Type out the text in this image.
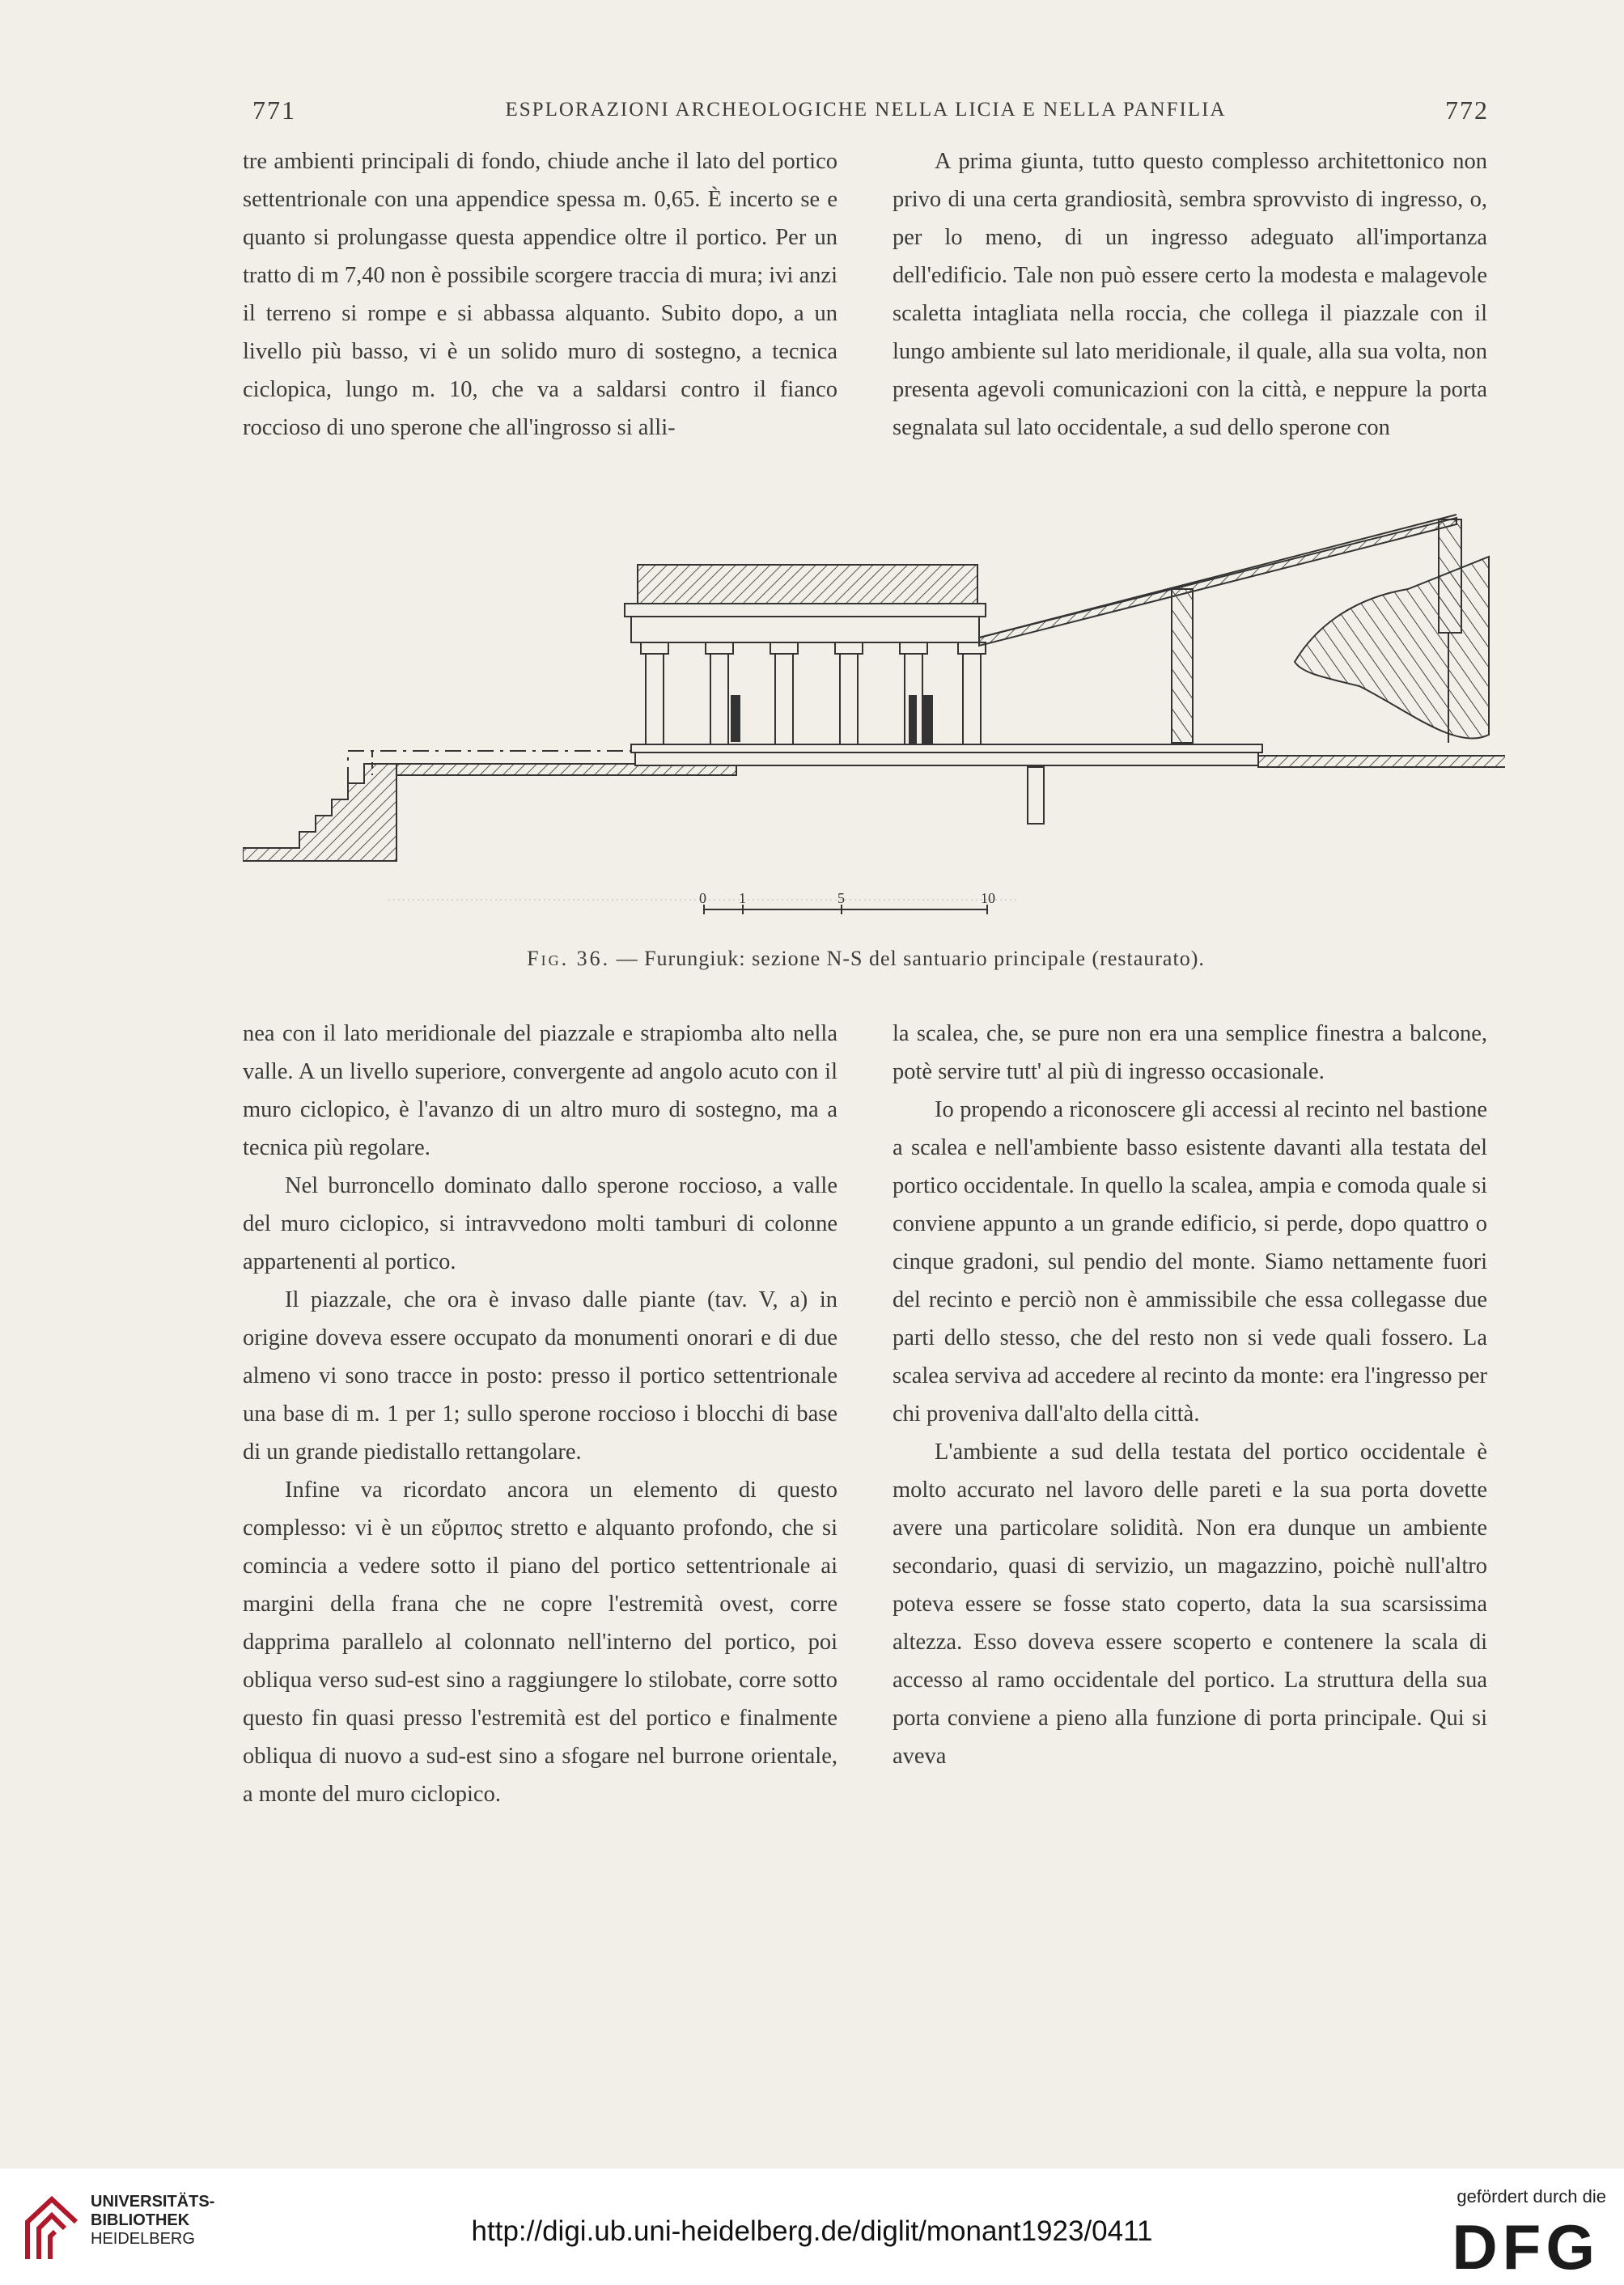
771	ESPLORAZIONI ARCHEOLOGICHE NELLA LICIA E NELLA PANFILIA	772

tre ambienti principali di fondo, chiude anche il lato del portico settentrionale con una appendice spessa m. 0,65. È incerto se e quanto si prolungasse questa appendice oltre il portico. Per un tratto di m 7,40 non è possibile scorgere traccia di mura; ivi anzi il terreno si rompe e si abbassa alquanto. Subito dopo, a un livello più basso, vi è un solido muro di sostegno, a tecnica ciclopica, lungo m. 10, che va a saldarsi contro il fianco roccioso di uno sperone che all'ingrosso si alli-

A prima giunta, tutto questo complesso architettonico non privo di una certa grandiosità, sembra sprovvisto di ingresso, o, per lo meno, di un ingresso adeguato all'importanza dell'edificio. Tale non può essere certo la modesta e malagevole scaletta intagliata nella roccia, che collega il piazzale con il lungo ambiente sul lato meridionale, il quale, alla sua volta, non presenta agevoli comunicazioni con la città, e neppure la porta segnalata sul lato occidentale, a sud dello sperone con

0 1	5	10
Fig. 36. — Furungiuk: sezione N-S del santuario principale (restaurato).

nea con il lato meridionale del piazzale e strapiomba alto nella valle. A un livello superiore, convergente ad angolo acuto con il muro ciclopico, è l'avanzo di un altro muro di sostegno, ma a tecnica più regolare.

Nel burroncello dominato dallo sperone roccioso, a valle del muro ciclopico, si intravvedono molti tamburi di colonne appartenenti al portico.

Il piazzale, che ora è invaso dalle piante (tav. V, a) in origine doveva essere occupato da monumenti onorari e di due almeno vi sono tracce in posto: presso il portico settentrionale una base di m. 1 per 1; sullo sperone roccioso i blocchi di base di un grande piedistallo rettangolare.

Infine va ricordato ancora un elemento di questo complesso: vi è un εὔριπος stretto e alquanto profondo, che si comincia a vedere sotto il piano del portico settentrionale ai margini della frana che ne copre l'estremità ovest, corre dapprima parallelo al colonnato nell'interno del portico, poi obliqua verso sud-est sino a raggiungere lo stilobate, corre sotto questo fin quasi presso l'estremità est del portico e finalmente obliqua di nuovo a sud-est sino a sfogare nel burrone orientale, a monte del muro ciclopico.

la scalea, che, se pure non era una semplice finestra a balcone, potè servire tutt' al più di ingresso occasionale.

Io propendo a riconoscere gli accessi al recinto nel bastione a scalea e nell'ambiente basso esistente davanti alla testata del portico occidentale. In quello la scalea, ampia e comoda quale si conviene appunto a un grande edificio, si perde, dopo quattro o cinque gradoni, sul pendio del monte. Siamo nettamente fuori del recinto e perciò non è ammissibile che essa collegasse due parti dello stesso, che del resto non si vede quali fossero. La scalea serviva ad accedere al recinto da monte: era l'ingresso per chi proveniva dall'alto della città.

L'ambiente a sud della testata del portico occidentale è molto accurato nel lavoro delle pareti e la sua porta dovette avere una particolare solidità. Non era dunque un ambiente secondario, quasi di servizio, un magazzino, poichè null'altro poteva essere se fosse stato coperto, data la sua scarsissima altezza. Esso doveva essere scoperto e contenere la scala di accesso al ramo occidentale del portico. La struttura della sua porta conviene a pieno alla funzione di porta principale. Qui si aveva

UNIVERSITÄTS-
BIBLIOTHEK
HEIDELBERG	http://digi.ub.uni-heidelberg.de/diglit/monant1923/0411
gefördert durch die
DFG
